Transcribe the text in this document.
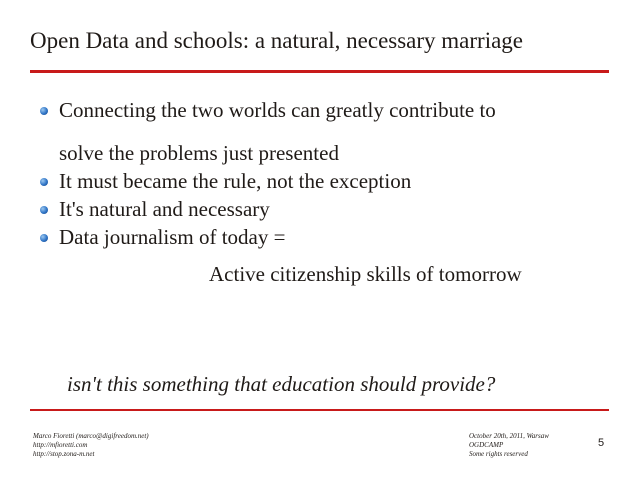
Open Data and schools: a natural, necessary marriage
Connecting the two worlds can greatly contribute to
solve the problems just presented
It must became the rule, not the exception
It's natural and necessary
Data journalism of today =
Active citizenship skills of tomorrow
isn't this something that education should provide?
Marco Fioretti (marco@digifreedom.net)
http://mfioretti.com
http://stop.zona-m.net
October 20th, 2011, Warsaw
OGDCAMP
Some rights reserved
5
